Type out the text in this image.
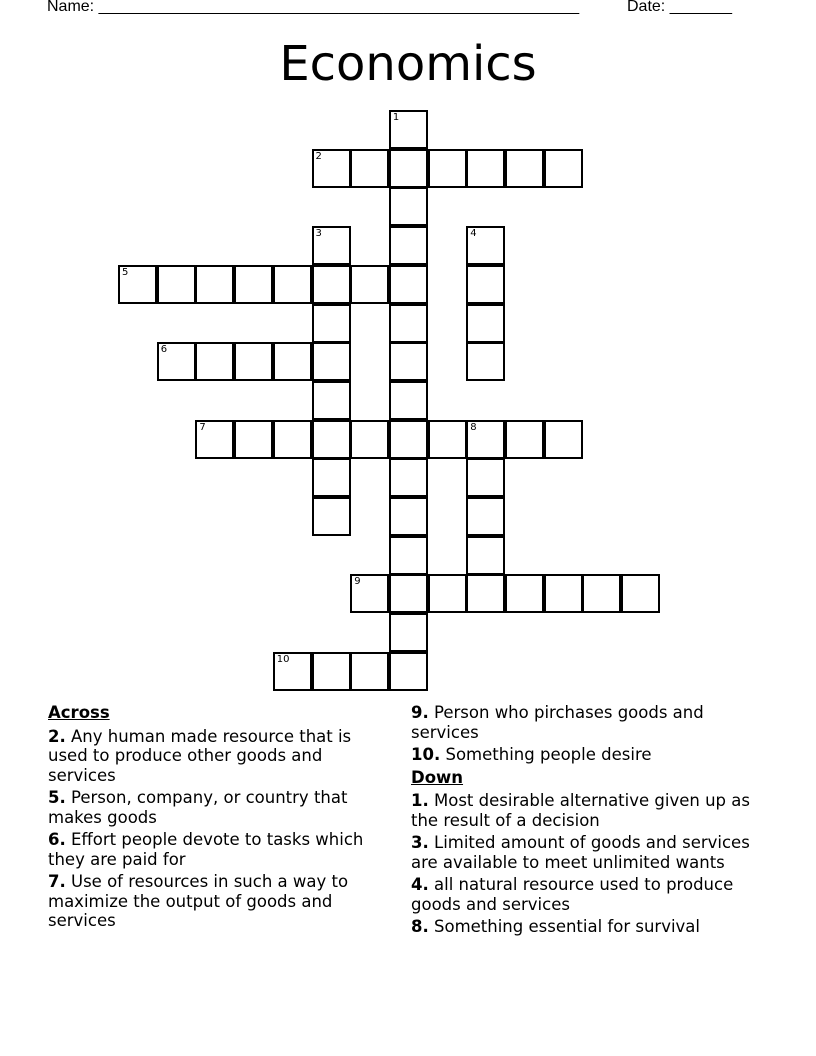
Name: ______________________________________________________	Date: _______
Economics
1
2
3	4
5
6
7	8
9
10
Across
2. Any human made resource that is used to produce other goods and services
5. Person, company, or country that makes goods
6. Effort people devote to tasks which they are paid for
7. Use of resources in such a way to maximize the output of goods and services
9. Person who pirchases goods and services
10. Something people desire
Down
1. Most desirable alternative given up as the result of a decision
3. Limited amount of goods and services are available to meet unlimited wants
4. all natural resource used to produce goods and services
8. Something essential for survival
